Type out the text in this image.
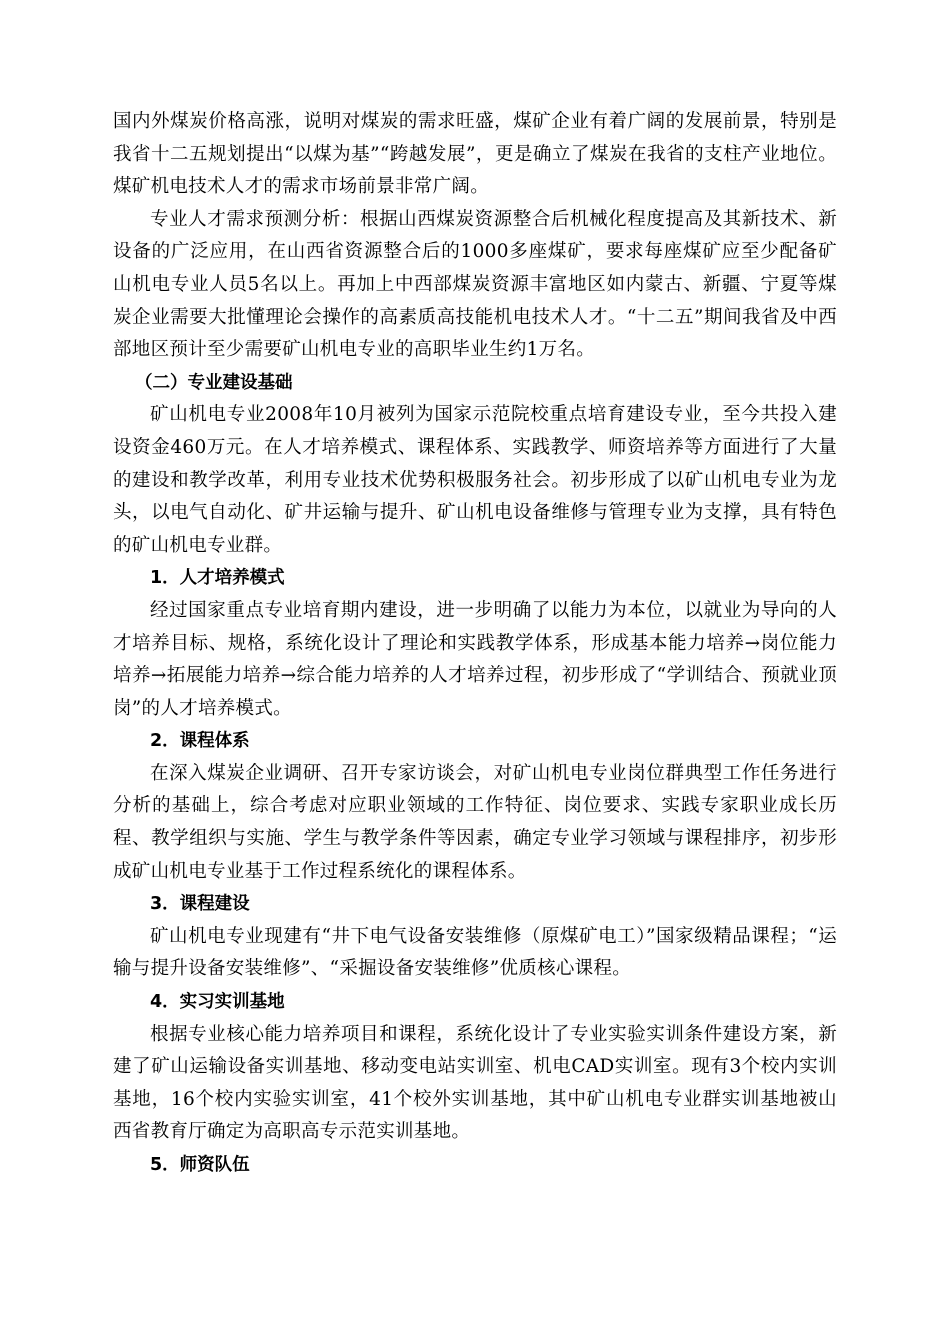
国内外煤炭价格高涨，说明对煤炭的需求旺盛，煤矿企业有着广阔的发展前景，特别是我省十二五规划提出“以煤为基”“跨越发展”，更是确立了煤炭在我省的支柱产业地位。煤矿机电技术人才的需求市场前景非常广阔。

专业人才需求预测分析：根据山西煤炭资源整合后机械化程度提高及其新技术、新设备的广泛应用，在山西省资源整合后的1000多座煤矿，要求每座煤矿应至少配备矿山机电专业人员5名以上。再加上中西部煤炭资源丰富地区如内蒙古、新疆、宁夏等煤炭企业需要大批懂理论会操作的高素质高技能机电技术人才。“十二五”期间我省及中西部地区预计至少需要矿山机电专业的高职毕业生约1万名。

（二）专业建设基础

矿山机电专业2008年10月被列为国家示范院校重点培育建设专业，至今共投入建设资金460万元。在人才培养模式、课程体系、实践教学、师资培养等方面进行了大量的建设和教学改革，利用专业技术优势积极服务社会。初步形成了以矿山机电专业为龙头，以电气自动化、矿井运输与提升、矿山机电设备维修与管理专业为支撑，具有特色的矿山机电专业群。

1．人才培养模式

经过国家重点专业培育期内建设，进一步明确了以能力为本位，以就业为导向的人才培养目标、规格，系统化设计了理论和实践教学体系，形成基本能力培养→岗位能力培养→拓展能力培养→综合能力培养的人才培养过程，初步形成了“学训结合、预就业顶岗”的人才培养模式。

2．课程体系

在深入煤炭企业调研、召开专家访谈会，对矿山机电专业岗位群典型工作任务进行分析的基础上，综合考虑对应职业领域的工作特征、岗位要求、实践专家职业成长历程、教学组织与实施、学生与教学条件等因素，确定专业学习领域与课程排序，初步形成矿山机电专业基于工作过程系统化的课程体系。

3．课程建设

矿山机电专业现建有“井下电气设备安装维修（原煤矿电工）”国家级精品课程；“运输与提升设备安装维修”、“采掘设备安装维修”优质核心课程。

4．实习实训基地

根据专业核心能力培养项目和课程，系统化设计了专业实验实训条件建设方案，新建了矿山运输设备实训基地、移动变电站实训室、机电CAD实训室。现有3个校内实训基地，16个校内实验实训室，41个校外实训基地，其中矿山机电专业群实训基地被山西省教育厅确定为高职高专示范实训基地。

5．师资队伍
